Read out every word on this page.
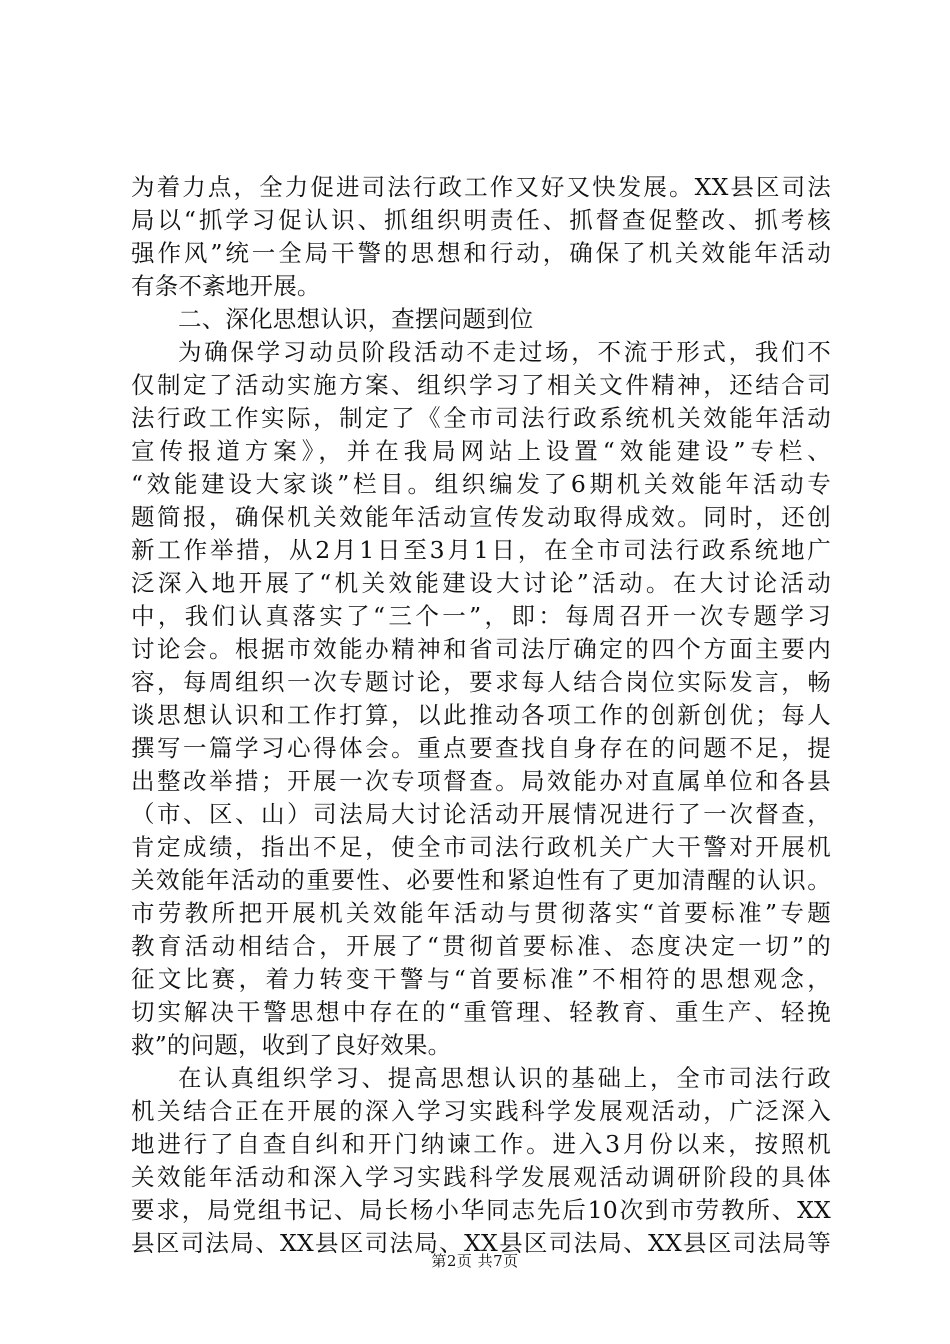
为着力点，全力促进司法行政工作又好又快发展。XX县区司法
局以“抓学习促认识、抓组织明责任、抓督查促整改、抓考核
强作风”统一全局干警的思想和行动，确保了机关效能年活动
有条不紊地开展。
二、深化思想认识，查摆问题到位
为确保学习动员阶段活动不走过场，不流于形式，我们不
仅制定了活动实施方案、组织学习了相关文件精神，还结合司
法行政工作实际，制定了《全市司法行政系统机关效能年活动
宣传报道方案》，并在我局网站上设置“效能建设”专栏、
“效能建设大家谈”栏目。组织编发了6期机关效能年活动专
题简报，确保机关效能年活动宣传发动取得成效。同时，还创
新工作举措，从2月1日至3月1日，在全市司法行政系统地广
泛深入地开展了“机关效能建设大讨论”活动。在大讨论活动
中，我们认真落实了“三个一”，即：每周召开一次专题学习
讨论会。根据市效能办精神和省司法厅确定的四个方面主要内
容，每周组织一次专题讨论，要求每人结合岗位实际发言，畅
谈思想认识和工作打算，以此推动各项工作的创新创优；每人
撰写一篇学习心得体会。重点要查找自身存在的问题不足，提
出整改举措；开展一次专项督查。局效能办对直属单位和各县
（市、区、山）司法局大讨论活动开展情况进行了一次督查，
肯定成绩，指出不足，使全市司法行政机关广大干警对开展机
关效能年活动的重要性、必要性和紧迫性有了更加清醒的认识。
市劳教所把开展机关效能年活动与贯彻落实“首要标准”专题
教育活动相结合，开展了“贯彻首要标准、态度决定一切”的
征文比赛，着力转变干警与“首要标准”不相符的思想观念，
切实解决干警思想中存在的“重管理、轻教育、重生产、轻挽
救”的问题，收到了良好效果。
在认真组织学习、提高思想认识的基础上，全市司法行政
机关结合正在开展的深入学习实践科学发展观活动，广泛深入
地进行了自查自纠和开门纳谏工作。进入3月份以来，按照机
关效能年活动和深入学习实践科学发展观活动调研阶段的具体
要求，局党组书记、局长杨小华同志先后10次到市劳教所、XX
县区司法局、XX县区司法局、XX县区司法局、XX县区司法局等
第2页 共7页
